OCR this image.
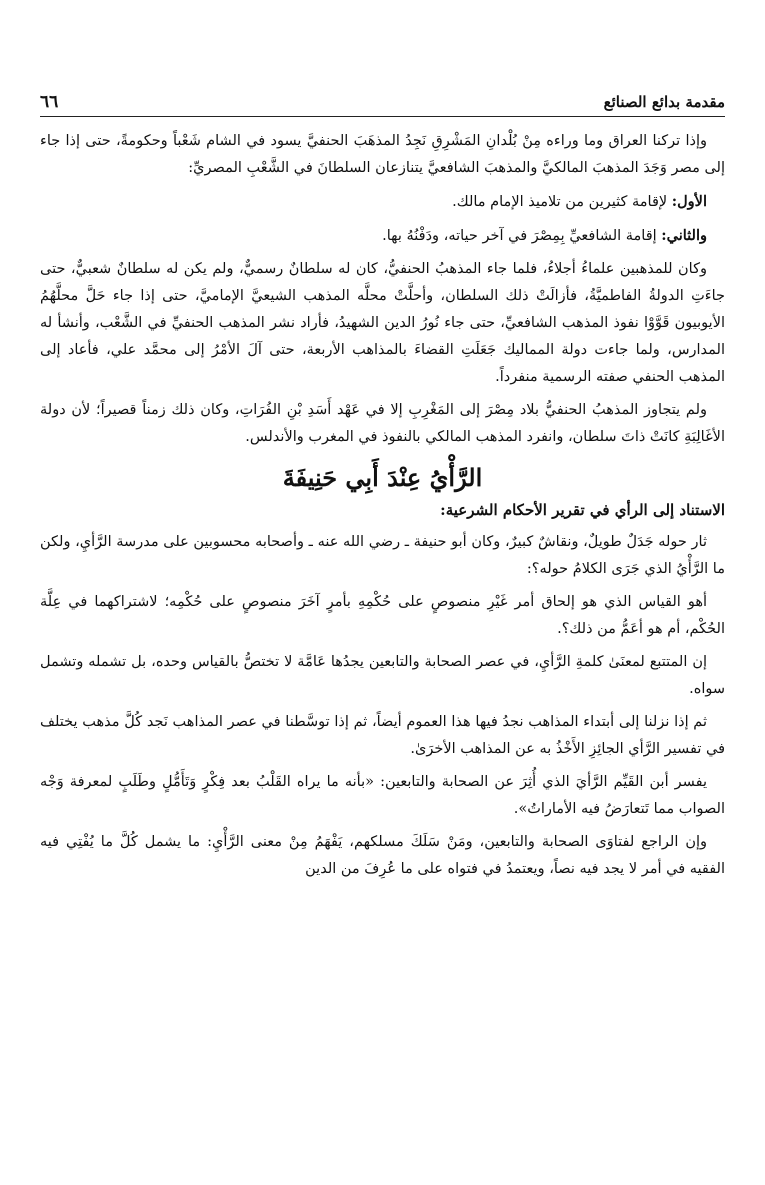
مقدمة بدائع الصنائع
٦٦

وإذا تركنا العراق وما وراءه مِنْ بُلْدانِ المَشْرِقِ نَجِدُ المذهَبَ الحنفيَّ يسود في الشام شَعْباً وحكومةً، حتى إذا جاء إلى مصر وَجَدَ المذهبَ المالكيَّ والمذهبَ الشافعيَّ يتنازعان السلطانَ في الشَّعْبِ المصريِّ:

الأول: لإقامة كثيرين من تلاميذ الإمام مالك.

والثاني: إقامة الشافعيِّ بِمِصْرَ في آخر حياته، ودَفْنُهُ بها.

وكان للمذهبين علماءُ أجلاءُ، فلما جاء المذهبُ الحنفيُّ، كان له سلطانٌ رسميٌّ، ولم يكن له سلطانٌ شعبيٌّ، حتى جاءَتِ الدولةُ الفاطميَّةُ، فأزالَتْ ذلك السلطان، وأحلَّتْ محلَّه المذهب الشيعيَّ الإماميَّ، حتى إذا جاء حَلَّ محلَّهُمُ الأيوبيون قَوَّوْا نفوذ المذهب الشافعيِّ، حتى جاء نُورُ الدين الشهيدُ، فأراد نشر المذهب الحنفيِّ في الشَّعْب، وأنشأ له المدارس، ولما جاءت دولة المماليك جَعَلَتِ القضاءَ بالمذاهب الأربعة، حتى آلَ الأمْرُ إلى محمَّد علي، فأعاد إلى المذهب الحنفي صفته الرسمية منفرداً.

ولم يتجاوز المذهبُ الحنفيُّ بلاد مِصْرَ إلى المَغْرِبِ إلا في عَهْد أَسَدِ بْنِ الفُرَاتِ، وكان ذلك زمناً قصيراً؛ لأن دولة الأغَالِبَةِ كانَتْ ذاتَ سلطان، وانفرد المذهب المالكي بالنفوذ في المغرب والأندلس.

الرَّأْيُ عِنْدَ أَبِي حَنِيفَةَ
الاستناد إلى الرأي في تقرير الأحكام الشرعية:

ثار حوله جَدَلٌ طويلٌ، ونقاشٌ كبيرٌ، وكان أبو حنيفة ـ رضي الله عنه ـ وأصحابه محسوبين على مدرسة الرَّأيِ، ولكن ما الرَّأْيُ الذي جَرَى الكلامُ حوله؟:

أهو القياس الذي هو إلحاق أمر غَيْرِ منصوصٍ على حُكْمِهِ بأمرٍ آخَرَ منصوصٍ على حُكْمِه؛ لاشتراكهما في عِلَّة الحُكْم، أم هو أعَمُّ من ذلك؟.

إن المتتبع لمعنَىٰ كلمةِ الرَّأيِ، في عصر الصحابة والتابعين يجدُها عَامَّة لا تختصُّ بالقياس وحده، بل تشمله وتشمل سواه.

ثم إذا نزلنا إلى أبتداء المذاهب نجدُ فيها هذا العموم أيضاً، ثم إذا توسَّطنا في عصر المذاهب نَجد كُلَّ مذهب يختلف في تفسير الرَّأي الجائِزِ الأَخْذُ به عن المذاهب الأخرَىٰ.

يفسر أبن القَيِّم الرَّأيَ الذي أُثِرَ عن الصحابة والتابعين: «بأنه ما يراه القَلْبُ بعد فِكْرٍ وَتَأَمُّلٍ وطَلَبٍ لمعرفة وَجْه الصواب مما تَتعارَضُ فيه الأماراتُ».

وإن الراجع لفتاوَى الصحابة والتابعين، ومَنْ سَلَكَ مسلكهم، يَفْهَمُ مِنْ معنى الرَّأْيِ: ما يشمل كُلَّ ما يُفْتِي فيه الفقيه في أمر لا يجد فيه نصاً، ويعتمدُ في فتواه على ما عُرِفَ من الدين
